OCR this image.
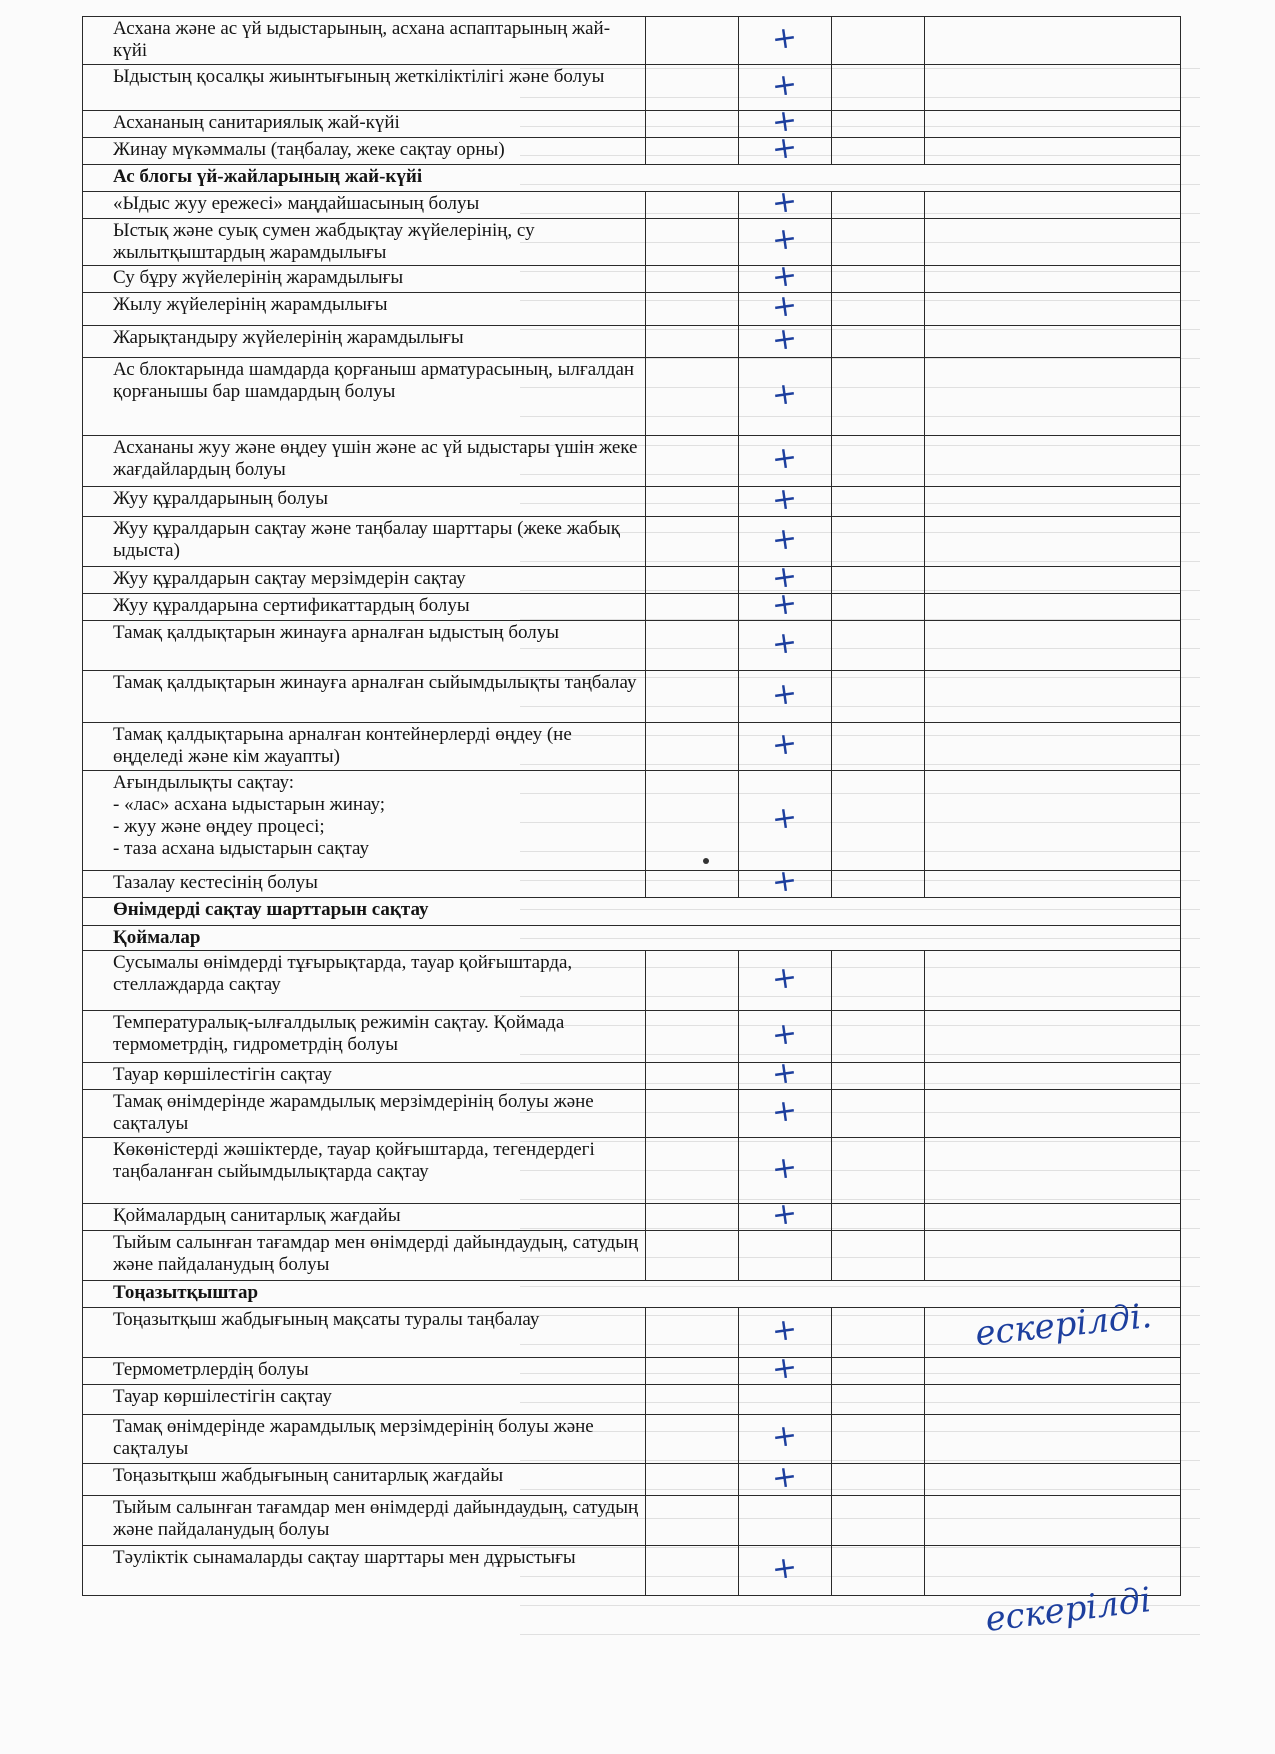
Асхана және ас үй ыдыстарының, асхана аспаптарының жай-күйі		+		
Ыдыстың қосалқы жиынтығының жеткіліктілігі және болуы		+		
Асхананың санитариялық жай-күйі		+		
Жинау мүкәммалы (таңбалау, жеке сақтау орны)		+		
Ас блогы үй-жайларының жай-күйі				
«Ыдыс жуу ережесі» маңдайшасының болуы		+		
Ыстық және суық сумен жабдықтау жүйелерінің, су жылытқыштардың жарамдылығы		+		
Су бұру жүйелерінің жарамдылығы		+		
Жылу жүйелерінің жарамдылығы		+		
Жарықтандыру жүйелерінің жарамдылығы		+		
Ас блоктарында шамдарда қорғаныш арматурасының, ылғалдан қорғанышы бар шамдардың болуы		+		
Асхананы жуу және өңдеу үшін және ас үй ыдыстары үшін жеке жағдайлардың болуы		+		
Жуу құралдарының болуы		+		
Жуу құралдарын сақтау және таңбалау шарттары (жеке жабық ыдыста)		+		
Жуу құралдарын сақтау мерзімдерін сақтау		+		
Жуу құралдарына сертификаттардың болуы		+		
Тамақ қалдықтарын жинауға арналған ыдыстың болуы		+		
Тамақ қалдықтарын жинауға арналған сыйымдылықты таңбалау		+		
Тамақ қалдықтарына арналған контейнерлерді өңдеу (не өңделеді және кім жауапты)		+		
Ағындылықты сақтау:
- «лас» асхана ыдыстарын жинау;
- жуу және өңдеу процесі;
- таза асхана ыдыстарын сақтау		+		
Тазалау кестесінің болуы		+		
Өнімдерді сақтау шарттарын сақтау				
Қоймалар				
Сусымалы өнімдерді тұғырықтарда, тауар қойғыштарда, стеллаждарда сақтау		+		
Температуралық-ылғалдылық режимін сақтау. Қоймада термометрдің, гидрометрдің болуы		+		
Тауар көршілестігін сақтау		+		
Тамақ өнімдерінде жарамдылық мерзімдерінің болуы және сақталуы		+		
Көкөністерді жәшіктерде, тауар қойғыштарда, тегендердегі таңбаланған сыйымдылықтарда сақтау		+		
Қоймалардың санитарлық жағдайы		+		
Тыйым салынған тағамдар мен өнімдерді дайындаудың, сатудың және пайдаланудың болуы				
Тоңазытқыштар				
Тоңазытқыш жабдығының мақсаты туралы таңбалау		+		
Термометрлердің болуы		+		
Тауар көршілестігін сақтау				
Тамақ өнімдерінде жарамдылық мерзімдерінің болуы және сақталуы		+		
Тоңазытқыш жабдығының санитарлық жағдайы		+		
Тыйым салынған тағамдар мен өнімдерді дайындаудың, сатудың және пайдаланудың болуы				
Тәуліктік сынамаларды сақтау шарттары мен дұрыстығы		+		
ескерілді.
ескерілді
